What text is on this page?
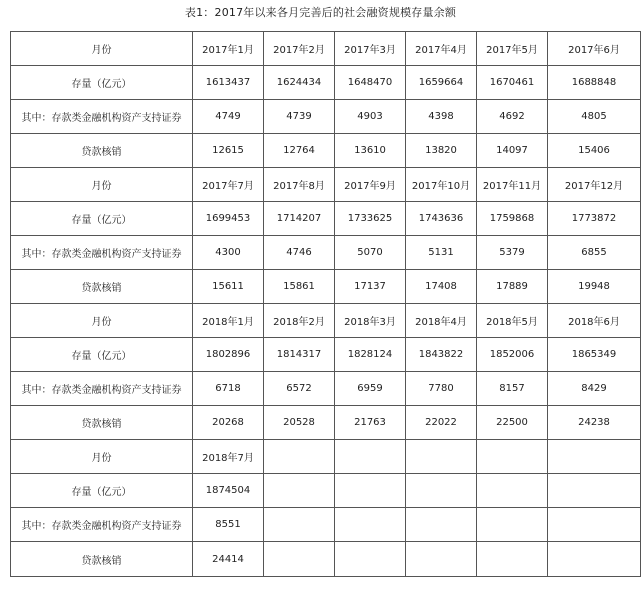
表1：2017年以来各月完善后的社会融资规模存量余额
月份	2017年1月	2017年2月	2017年3月	2017年4月	2017年5月	2017年6月
存量（亿元）	1613437	1624434	1648470	1659664	1670461	1688848
其中：存款类金融机构资产支持证券	4749	4739	4903	4398	4692	4805
贷款核销	12615	12764	13610	13820	14097	15406
月份	2017年7月	2017年8月	2017年9月	2017年10月	2017年11月	2017年12月
存量（亿元）	1699453	1714207	1733625	1743636	1759868	1773872
其中：存款类金融机构资产支持证券	4300	4746	5070	5131	5379	6855
贷款核销	15611	15861	17137	17408	17889	19948
月份	2018年1月	2018年2月	2018年3月	2018年4月	2018年5月	2018年6月
存量（亿元）	1802896	1814317	1828124	1843822	1852006	1865349
其中：存款类金融机构资产支持证券	6718	6572	6959	7780	8157	8429
贷款核销	20268	20528	21763	22022	22500	24238
月份	2018年7月					
存量（亿元）	1874504					
其中：存款类金融机构资产支持证券	8551					
贷款核销	24414					
